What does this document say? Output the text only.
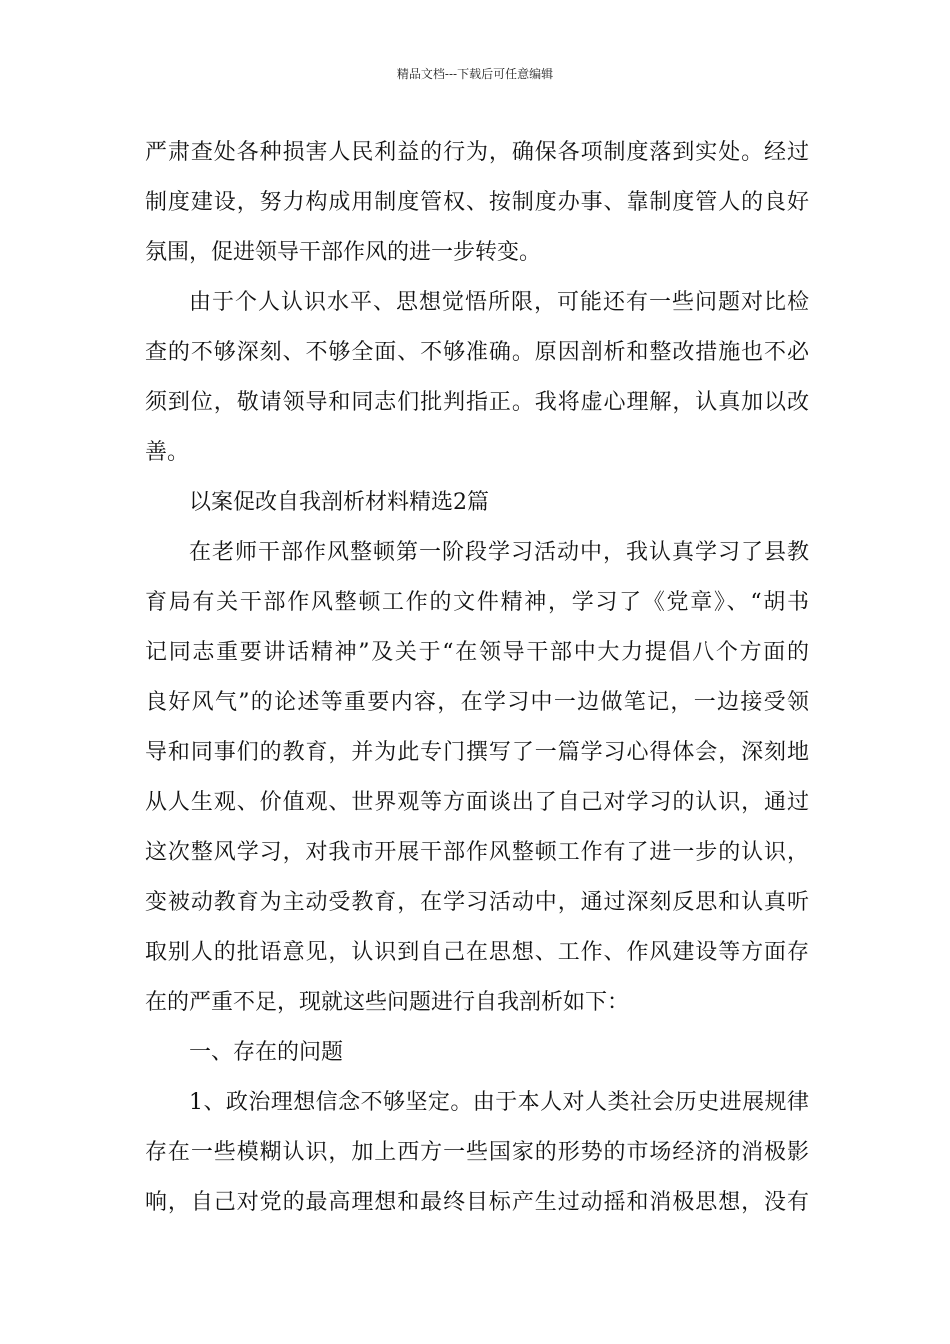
精品文档---下载后可任意编辑
严肃查处各种损害人民利益的行为，确保各项制度落到实处。经过
制度建设，努力构成用制度管权、按制度办事、靠制度管人的良好
氛围，促进领导干部作风的进一步转变。
由于个人认识水平、思想觉悟所限，可能还有一些问题对比检
查的不够深刻、不够全面、不够准确。原因剖析和整改措施也不必
须到位，敬请领导和同志们批判指正。我将虚心理解，认真加以改
善。
以案促改自我剖析材料精选2篇
在老师干部作风整顿第一阶段学习活动中，我认真学习了县教
育局有关干部作风整顿工作的文件精神，学习了《党章》、“胡书
记同志重要讲话精神”及关于“在领导干部中大力提倡八个方面的
良好风气”的论述等重要内容，在学习中一边做笔记，一边接受领
导和同事们的教育，并为此专门撰写了一篇学习心得体会，深刻地
从人生观、价值观、世界观等方面谈出了自己对学习的认识，通过
这次整风学习，对我市开展干部作风整顿工作有了进一步的认识，
变被动教育为主动受教育，在学习活动中，通过深刻反思和认真听
取别人的批语意见，认识到自己在思想、工作、作风建设等方面存
在的严重不足，现就这些问题进行自我剖析如下：
一、存在的问题
1、政治理想信念不够坚定。由于本人对人类社会历史进展规律
存在一些模糊认识，加上西方一些国家的形势的市场经济的消极影
响，自己对党的最高理想和最终目标产生过动摇和消极思想，没有
